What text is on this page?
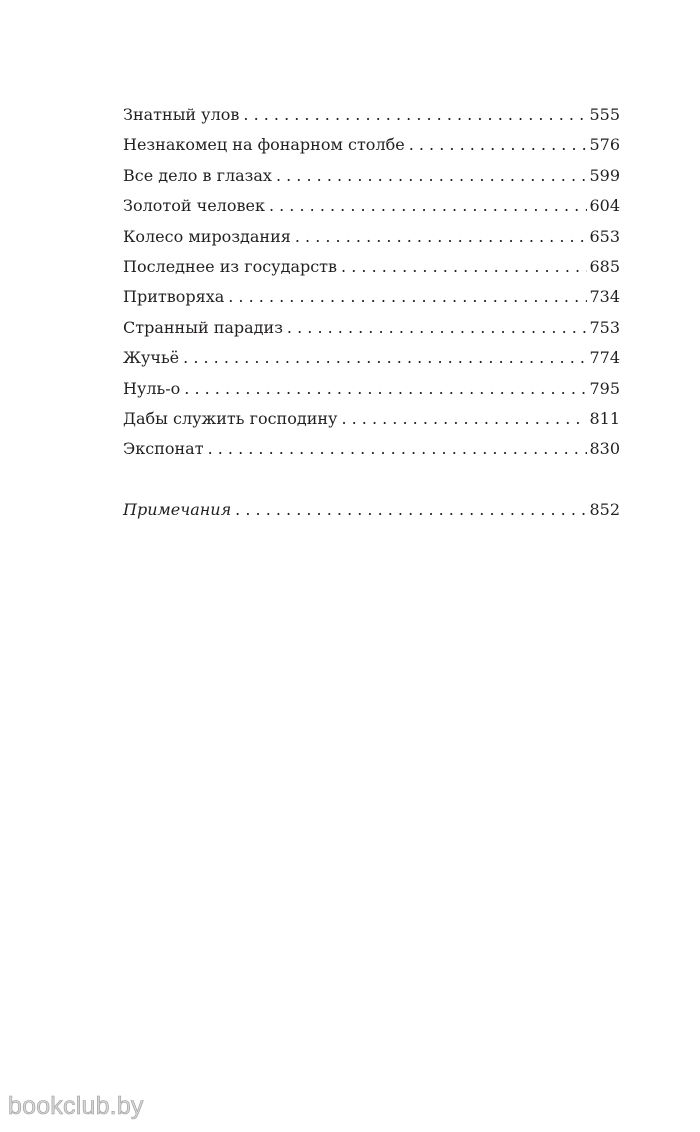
Знатный улов . . .	555
Незнакомец на фонарном столбе . . .	576
Все дело в глазах . . .	599
Золотой человек . . .	604
Колесо мироздания . . .	653
Последнее из государств . . .	685
Притворяха . . .	734
Странный парадиз . . .	753
Жучьё . . .	774
Нуль-о . . .	795
Дабы служить господину . . .	811
Экспонат . . .	830
Примечания . . .	852
bookclub.by
